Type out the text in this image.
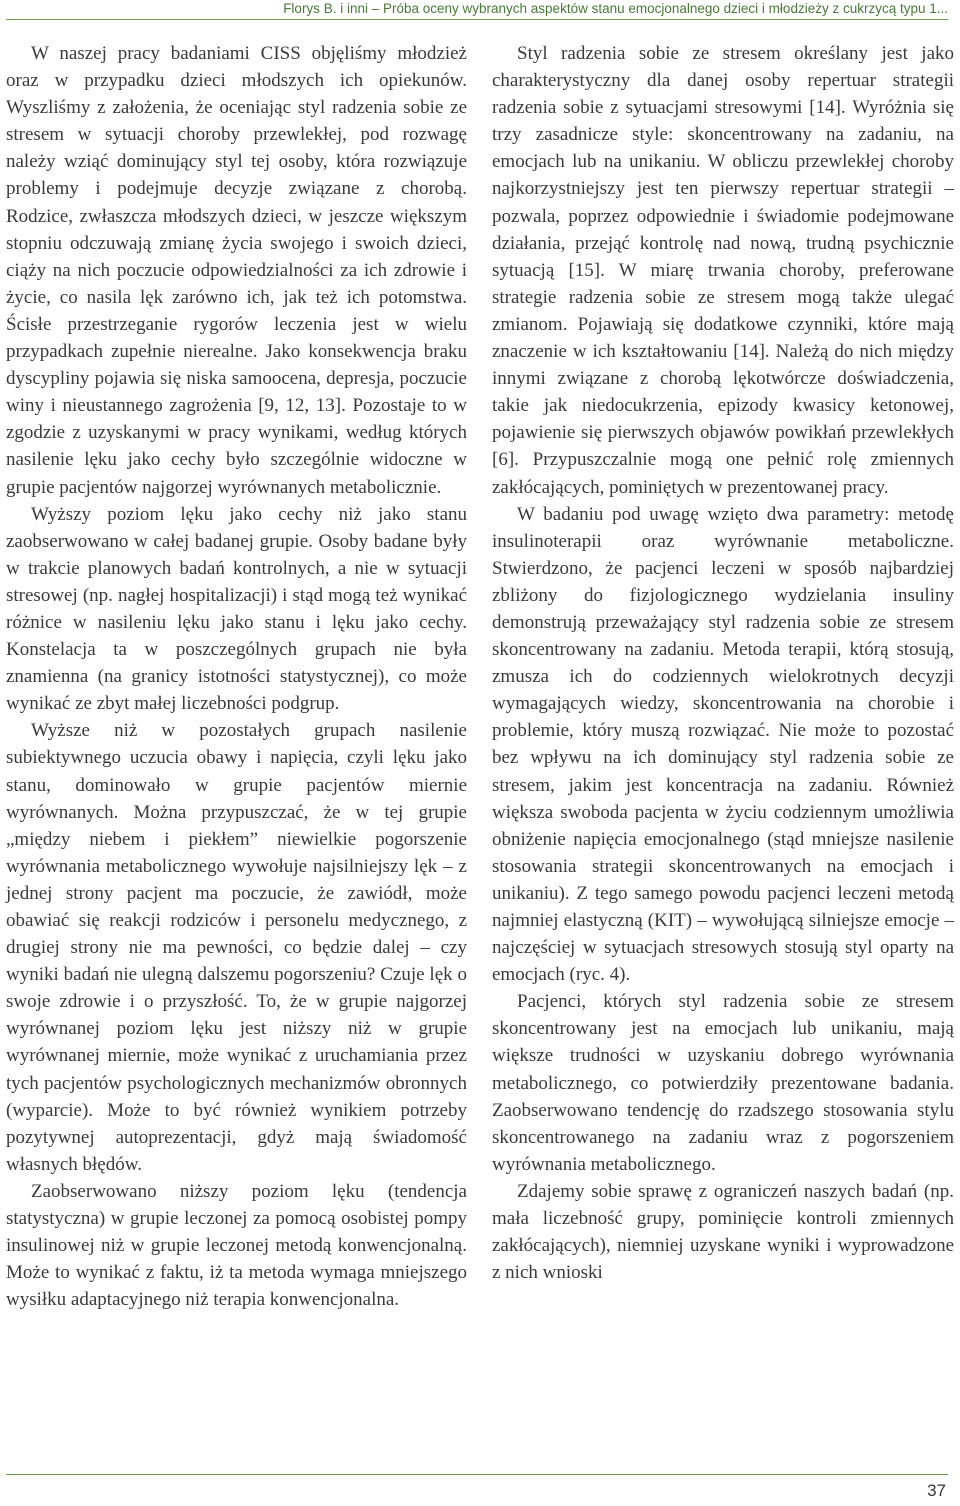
Florys B. i inni – Próba oceny wybranych aspektów stanu emocjonalnego dzieci i młodzieży z cukrzycą typu 1...

W naszej pracy badaniami CISS objęliśmy młodzież oraz w przypadku dzieci młodszych ich opiekunów. Wyszliśmy z założenia, że oceniając styl radzenia sobie ze stresem w sytuacji choroby przewlekłej, pod rozwagę należy wziąć dominujący styl tej osoby, która rozwiązuje problemy i podejmuje decyzje związane z chorobą. Rodzice, zwłaszcza młodszych dzieci, w jeszcze większym stopniu odczuwają zmianę życia swojego i swoich dzieci, ciąży na nich poczucie odpowiedzialności za ich zdrowie i życie, co nasila lęk zarówno ich, jak też ich potomstwa. Ścisłe przestrzeganie rygorów leczenia jest w wielu przypadkach zupełnie nierealne. Jako konsekwencja braku dyscypliny pojawia się niska samoocena, depresja, poczucie winy i nieustannego zagrożenia [9, 12, 13]. Pozostaje to w zgodzie z uzyskanymi w pracy wynikami, według których nasilenie lęku jako cechy było szczególnie widoczne w grupie pacjentów najgorzej wyrównanych metabolicznie.

Wyższy poziom lęku jako cechy niż jako stanu zaobserwowano w całej badanej grupie. Osoby badane były w trakcie planowych badań kontrolnych, a nie w sytuacji stresowej (np. nagłej hospitalizacji) i stąd mogą też wynikać różnice w nasileniu lęku jako stanu i lęku jako cechy. Konstelacja ta w poszczególnych grupach nie była znamienna (na granicy istotności statystycznej), co może wynikać ze zbyt małej liczebności podgrup.

Wyższe niż w pozostałych grupach nasilenie subiektywnego uczucia obawy i napięcia, czyli lęku jako stanu, dominowało w grupie pacjentów miernie wyrównanych. Można przypuszczać, że w tej grupie „między niebem i piekłem” niewielkie pogorszenie wyrównania metabolicznego wywołuje najsilniejszy lęk – z jednej strony pacjent ma poczucie, że zawiódł, może obawiać się reakcji rodziców i personelu medycznego, z drugiej strony nie ma pewności, co będzie dalej – czy wyniki badań nie ulegną dalszemu pogorszeniu? Czuje lęk o swoje zdrowie i o przyszłość. To, że w grupie najgorzej wyrównanej poziom lęku jest niższy niż w grupie wyrównanej miernie, może wynikać z uruchamiania przez tych pacjentów psychologicznych mechanizmów obronnych (wyparcie). Może to być również wynikiem potrzeby pozytywnej autoprezentacji, gdyż mają świadomość własnych błędów.

Zaobserwowano niższy poziom lęku (tendencja statystyczna) w grupie leczonej za pomocą osobistej pompy insulinowej niż w grupie leczonej metodą konwencjonalną. Może to wynikać z faktu, iż ta metoda wymaga mniejszego wysiłku adaptacyjnego niż terapia konwencjonalna.

Styl radzenia sobie ze stresem określany jest jako charakterystyczny dla danej osoby repertuar strategii radzenia sobie z sytuacjami stresowymi [14]. Wyróżnia się trzy zasadnicze style: skoncentrowany na zadaniu, na emocjach lub na unikaniu. W obliczu przewlekłej choroby najkorzystniejszy jest ten pierwszy repertuar strategii – pozwala, poprzez odpowiednie i świadomie podejmowane działania, przejąć kontrolę nad nową, trudną psychicznie sytuacją [15]. W miarę trwania choroby, preferowane strategie radzenia sobie ze stresem mogą także ulegać zmianom. Pojawiają się dodatkowe czynniki, które mają znaczenie w ich kształtowaniu [14]. Należą do nich między innymi związane z chorobą lękotwórcze doświadczenia, takie jak niedocukrzenia, epizody kwasicy ketonowej, pojawienie się pierwszych objawów powikłań przewlekłych [6]. Przypuszczalnie mogą one pełnić rolę zmiennych zakłócających, pominiętych w prezentowanej pracy.

W badaniu pod uwagę wzięto dwa parametry: metodę insulinoterapii oraz wyrównanie metaboliczne. Stwierdzono, że pacjenci leczeni w sposób najbardziej zbliżony do fizjologicznego wydzielania insuliny demonstrują przeważający styl radzenia sobie ze stresem skoncentrowany na zadaniu. Metoda terapii, którą stosują, zmusza ich do codziennych wielokrotnych decyzji wymagających wiedzy, skoncentrowania na chorobie i problemie, który muszą rozwiązać. Nie może to pozostać bez wpływu na ich dominujący styl radzenia sobie ze stresem, jakim jest koncentracja na zadaniu. Również większa swoboda pacjenta w życiu codziennym umożliwia obniżenie napięcia emocjonalnego (stąd mniejsze nasilenie stosowania strategii skoncentrowanych na emocjach i unikaniu). Z tego samego powodu pacjenci leczeni metodą najmniej elastyczną (KIT) – wywołującą silniejsze emocje – najczęściej w sytuacjach stresowych stosują styl oparty na emocjach (ryc. 4).

Pacjenci, których styl radzenia sobie ze stresem skoncentrowany jest na emocjach lub unikaniu, mają większe trudności w uzyskaniu dobrego wyrównania metabolicznego, co potwierdziły prezentowane badania. Zaobserwowano tendencję do rzadszego stosowania stylu skoncentrowanego na zadaniu wraz z pogorszeniem wyrównania metabolicznego.

Zdajemy sobie sprawę z ograniczeń naszych badań (np. mała liczebność grupy, pominięcie kontroli zmiennych zakłócających), niemniej uzyskane wyniki i wyprowadzone z nich wnioski

37
